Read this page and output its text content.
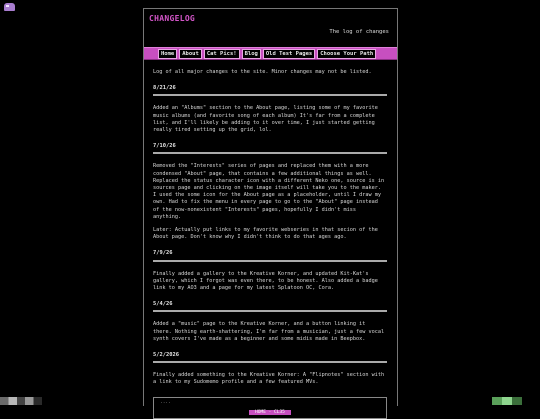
CHANGELOG
The log of changes
Home	About	Cat Pics!	Blog	Old Test Pages	Choose Your Path

Log of all major changes to the site. Minor changes may not be listed.

8/21/26

Added an "Albums" section to the About page, listing some of my favorite music albums (and favorite song of each album) It's far from a complete list, and I'll likely be adding to it over time, I just started getting really tired setting up the grid, lol.

7/10/26

Removed the "Interests" series of pages and replaced them with a more condensed "About" page, that contains a few additional things as well. Replaced the status character icon with a different Neko one, source is in sources page and clicking on the image itself will take you to the maker. I used the some icon for the About page as a placeholder, until I draw my own. Had to fix the menu in every page to go to the "About" page instead of the now-nonexistent "Interests" pages, hopefully I didn't miss anything.

Later: Actually put links to my favorite webseries in that secion of the About page. Don't know why I didn't think to do that ages ago.

7/9/26

Finally added a gallery to the Kreative Korner, and updated Kit-Kat's gallery, which I forgot was even there, to be honest. Also added a badge link to my AO3 and a page for my latest Splatoon OC, Cora.

5/4/26

Added a "music" page to the Kreative Korner, and a button linking it there. Nothing earth-shattering, I'm far from a musician, just a few vocal synth covers I've made as a beginner and some midis made in Beepbox.

5/2/2026

Finally added something to the Kreative Korner: A "Flipnotes" section with a link to my Sudomemo profile and a few featured MVs.

····
HOME · CL35
